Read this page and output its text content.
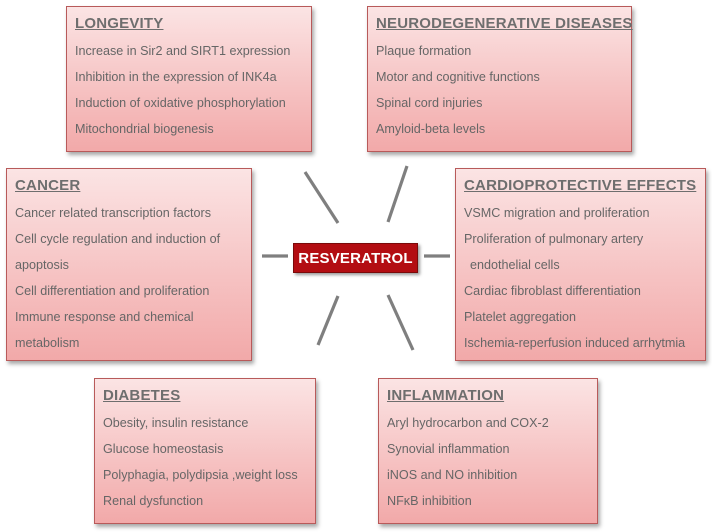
LONGEVITY
Increase in Sir2 and SIRT1 expression
Inhibition in the expression of INK4a
Induction of oxidative phosphorylation
Mitochondrial biogenesis
NEURODEGENERATIVE DISEASES
Plaque formation
Motor and cognitive functions
Spinal cord injuries
Amyloid-beta levels
CANCER
Cancer related transcription factors
Cell cycle regulation and induction of
apoptosis
Cell differentiation and proliferation
Immune response and chemical
metabolism
CARDIOPROTECTIVE EFFECTS
VSMC migration and proliferation
Proliferation of pulmonary artery
endothelial cells
Cardiac fibroblast differentiation
Platelet aggregation
Ischemia-reperfusion induced arrhytmia
DIABETES
Obesity, insulin resistance
Glucose homeostasis
Polyphagia, polydipsia ,weight loss
Renal dysfunction
INFLAMMATION
Aryl hydrocarbon and COX-2
Synovial inflammation
iNOS and NO inhibition
NFκB inhibition
RESVERATROL
